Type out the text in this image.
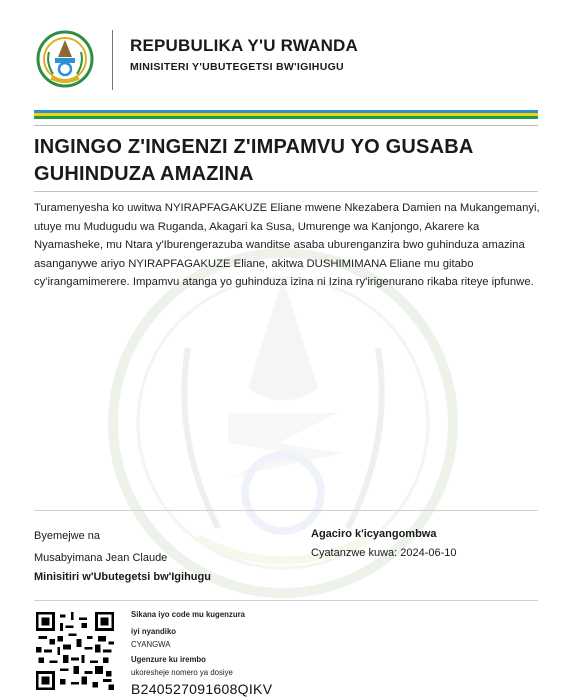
REPUBULIKA Y'U RWANDA
MINISITERI Y'UBUTEGETSI BW'IGIHUGU
INGINGO Z'INGENZI Z'IMPAMVU YO GUSABA GUHINDUZA AMAZINA
Turamenyesha ko uwitwa NYIRAPFAGAKUZE Eliane mwene Nkezabera Damien na Mukangemanyi, utuye mu Mudugudu wa Ruganda, Akagari ka Susa, Umurenge wa Kanjongo, Akarere ka Nyamasheke, mu Ntara y'Iburengerazuba wanditse asaba uburenganzira bwo guhinduza amazina asanganywe ariyo NYIRAPFAGAKUZE Eliane, akitwa DUSHIMIMANA Eliane mu gitabo cy'irangamimerere. Impamvu atanga yo guhinduza izina ni Izina ry'irigenurano rikaba riteye ipfunwe.
Byemejwe na
Musabyimana Jean Claude
Minisitiri w'Ubutegetsi bw'Igihugu
Agaciro k'icyangombwa
Cyatanzwe kuwa: 2024-06-10
Sikana iyo code mu kugenzura
iyi nyandiko
CYANGWA
Ugenzure ku irembo
ukoresheje nomero ya dosiye
B240527091608QIKV
